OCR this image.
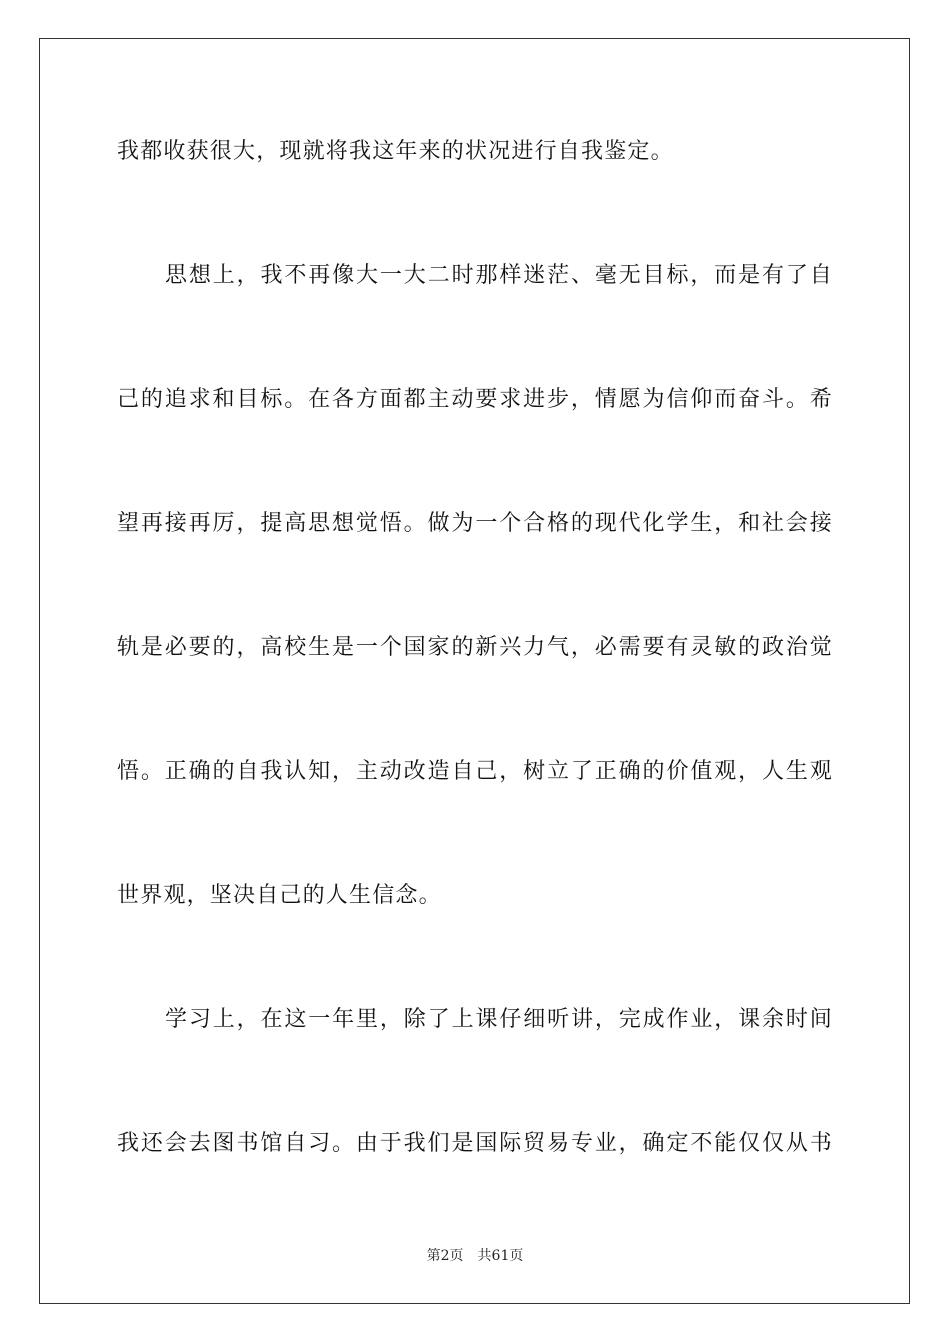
我都收获很大，现就将我这年来的状况进行自我鉴定。
思想上，我不再像大一大二时那样迷茫、毫无目标，而是有了自
己的追求和目标。在各方面都主动要求进步，情愿为信仰而奋斗。希
望再接再厉，提高思想觉悟。做为一个合格的现代化学生，和社会接
轨是必要的，高校生是一个国家的新兴力气，必需要有灵敏的政治觉
悟。正确的自我认知，主动改造自己，树立了正确的价值观，人生观
世界观，坚决自己的人生信念。
学习上，在这一年里，除了上课仔细听讲，完成作业，课余时间
我还会去图书馆自习。由于我们是国际贸易专业，确定不能仅仅从书
第2页 共61页
